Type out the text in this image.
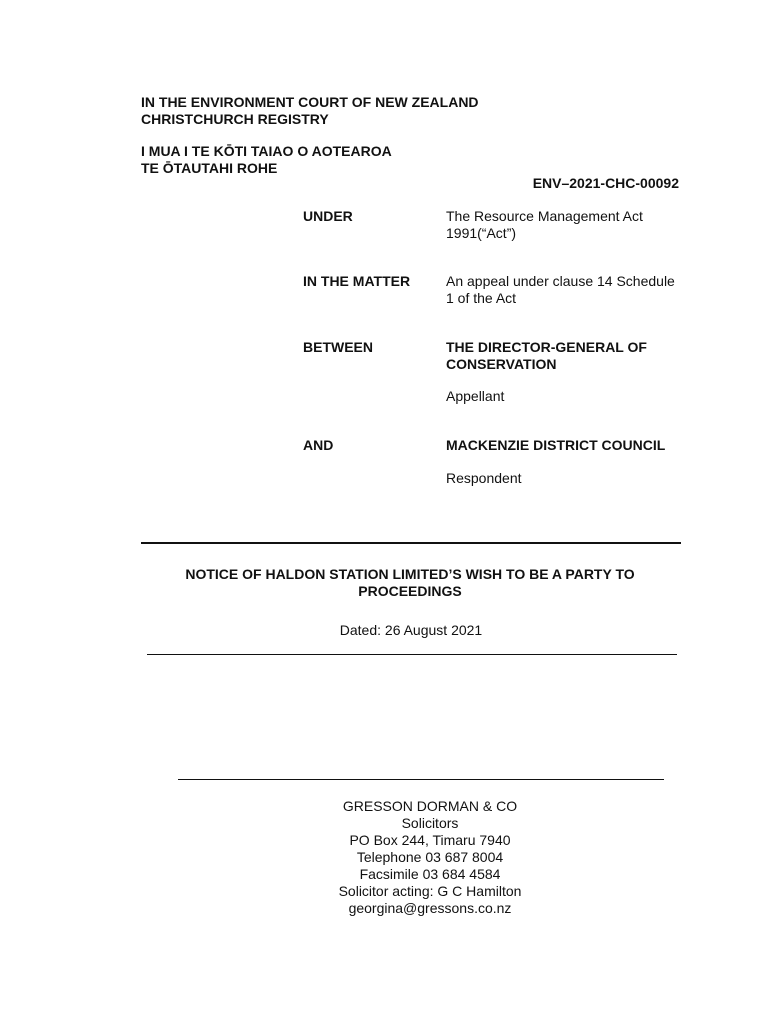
IN THE ENVIRONMENT COURT OF NEW ZEALAND
CHRISTCHURCH REGISTRY
I MUA I TE KŌTI TAIAO O AOTEAROA
TE ŌTAUTAHI ROHE
ENV–2021-CHC-00092
UNDER	The Resource Management Act
1991(“Act”)
IN THE MATTER	An appeal under clause 14 Schedule
1 of the Act
BETWEEN	THE DIRECTOR-GENERAL OF
CONSERVATION
Appellant
AND	MACKENZIE DISTRICT COUNCIL
Respondent
NOTICE OF HALDON STATION LIMITED’S WISH TO BE A PARTY TO
PROCEEDINGS
Dated: 26 August 2021
GRESSON DORMAN & CO
Solicitors
PO Box 244, Timaru 7940
Telephone 03 687 8004
Facsimile 03 684 4584
Solicitor acting: G C Hamilton
georgina@gressons.co.nz
